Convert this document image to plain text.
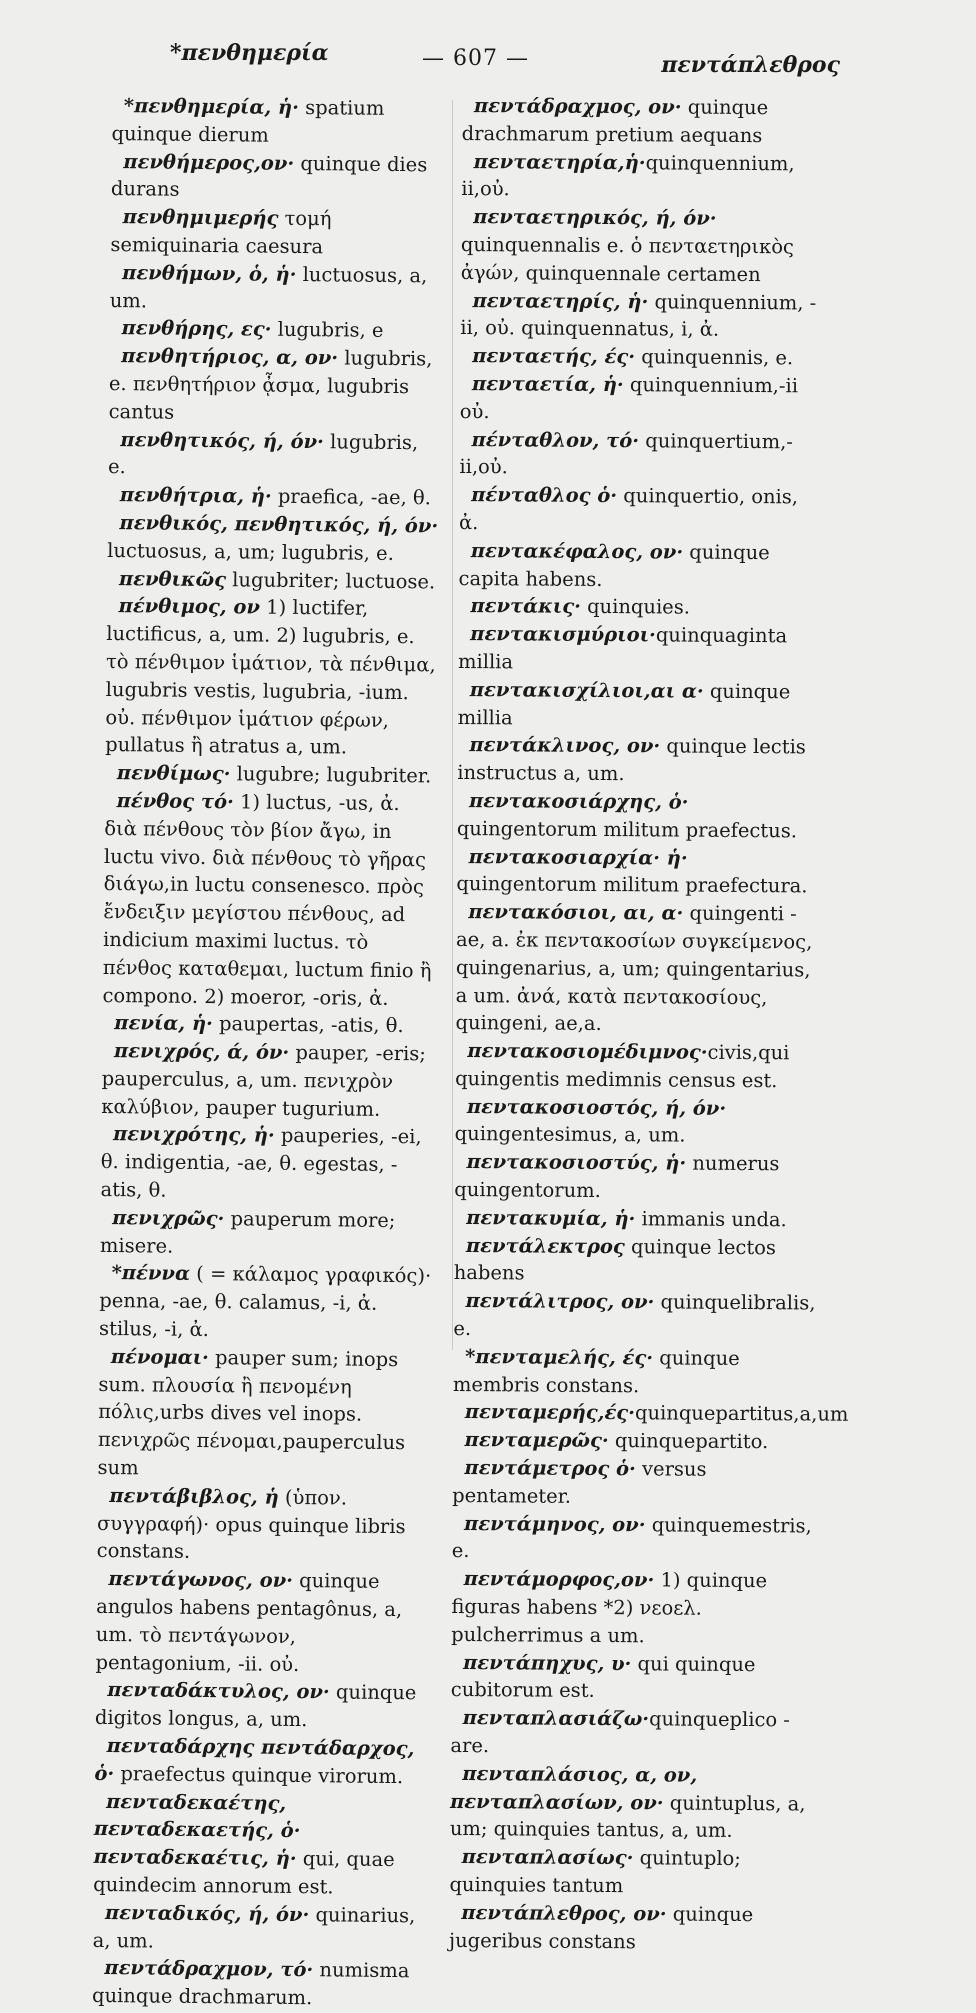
*πενθημερία	— 607 —	πεντάπλεθρος

*πενθημερία, ἡ· spatium quinque dierum

πενθήμερος,ον· quinque dies durans

πενθημιμερής τομή semiquinaria caesura

πενθήμων, ὁ, ἡ· luctuosus, a, um.

πενθήρης, ες· lugubris, e

πενθητήριος, α, ον· lugubris, e. πενθητήριον ᾆσμα, lugubris cantus

πενθητικός, ή, όν· lugubris, e.

πενθήτρια, ἡ· praefica, -ae, θ.

πενθικός, πενθητικός, ή, όν· luctuosus, a, um; lugubris, e.

πενθικῶς lugubriter; luctuose.

πένθιμος, ον 1) luctifer, luctificus, a, um. 2) lugubris, e. τὸ πένθιμον ἱμάτιον, τὰ πένθιμα, lugubris vestis, lugubria, -ium. οὐ. πένθιμον ἱμάτιον φέρων, pullatus ἢ atratus a, um.

πενθίμως· lugubre; lugubriter.

πένθος τό· 1) luctus, -us, ἀ. διὰ πένθους τὸν βίον ἄγω, in luctu vivo. διὰ πένθους τὸ γῆρας διάγω,in luctu consenesco. πρὸς ἔνδειξιν μεγίστου πένθους, ad indicium maximi luctus. τὸ πένθος καταθεμαι, luctum finio ἢ compono. 2) moeror, -oris, ἀ.

πενία, ἡ· paupertas, -atis, θ.

πενιχρός, ά, όν· pauper, -eris; pauperculus, a, um. πενιχρὸν καλύβιον, pauper tugurium.

πενιχρότης, ἡ· pauperies, -ei, θ. indigentia, -ae, θ. egestas, -atis, θ.

πενιχρῶς· pauperum more; misere.

*πέννα ( = κάλαμος γραφικός)· penna, -ae, θ. calamus, -i, ἀ. stilus, -i, ἀ.

πένομαι· pauper sum; inops sum. πλουσία ἢ πενομένη πόλις,urbs dives vel inops. πενιχρῶς πένομαι,pauperculus sum

πεντάβιβλος, ἡ (ὑπον. συγγραφή)· opus quinque libris constans.

πεντάγωνος, ον· quinque angulos habens pentagônus, a, um. τὸ πεντάγωνον, pentagonium, -ii. οὐ.

πενταδάκτυλος, ον· quinque digitos longus, a, um.

πενταδάρχης πεντάδαρχος, ὁ· praefectus quinque virorum.

πενταδεκαέτης, πενταδεκαετής, ὁ· πενταδεκαέτις, ἡ· qui, quae quindecim annorum est.

πενταδικός, ή, όν· quinarius, a, um.

πεντάδραχμον, τό· numisma quinque drachmarum.

πεντάδραχμος, ον· quinque drachmarum pretium aequans

πενταετηρία,ἡ·quinquennium, ii,οὐ.

πενταετηρικός, ή, όν· quinquennalis e. ὁ πενταετηρικὸς ἀγών, quinquennale certamen

πενταετηρίς, ἡ· quinquennium, -ii, οὐ. quinquennatus, i, ἀ.

πενταετής, ές· quinquennis, e.

πενταετία, ἡ· quinquennium,-ii οὐ.

πένταθλον, τό· quinquertium,-ii,οὐ.

πένταθλος ὁ· quinquertio, onis, ἀ.

πεντακέφαλος, ον· quinque capita habens.

πεντάκις· quinquies.

πεντακισμύριοι·quinquaginta millia

πεντακισχίλιοι,αι α· quinque millia

πεντάκλινος, ον· quinque lectis instructus a, um.

πεντακοσιάρχης, ὁ· quingentorum militum praefectus.

πεντακοσιαρχία· ἡ· quingentorum militum praefectura.

πεντακόσιοι, αι, α· quingenti -ae, a. ἐκ πεντακοσίων συγκείμενος, quingenarius, a, um; quingentarius, a um. ἀνά, κατὰ πεντακοσίους, quingeni, ae,a.

πεντακοσιομέδιμνος·civis,qui quingentis medimnis census est.

πεντακοσιοστός, ή, όν· quingentesimus, a, um.

πεντακοσιοστύς, ἡ· numerus quingentorum.

πεντακυμία, ἡ· immanis unda.

πεντάλεκτρος quinque lectos habens

πεντάλιτρος, ον· quinquelibralis, e.

*πενταμελής, ές· quinque membris constans.

πενταμερής,ές·quinquepartitus,a,um

πενταμερῶς· quinquepartito.

πεντάμετρος ὁ· versus pentameter.

πεντάμηνος, ον· quinquemestris, e.

πεντάμορφος,ον· 1) quinque figuras habens *2) νεοελ. pulcherrimus a um.

πεντάπηχυς, υ· qui quinque cubitorum est.

πενταπλασιάζω·quinqueplico -are.

πενταπλάσιος, α, ον, πενταπλασίων, ον· quintuplus, a, um; quinquies tantus, a, um.

πενταπλασίως· quintuplo; quinquies tantum

πεντάπλεθρος, ον· quinque jugeribus constans
